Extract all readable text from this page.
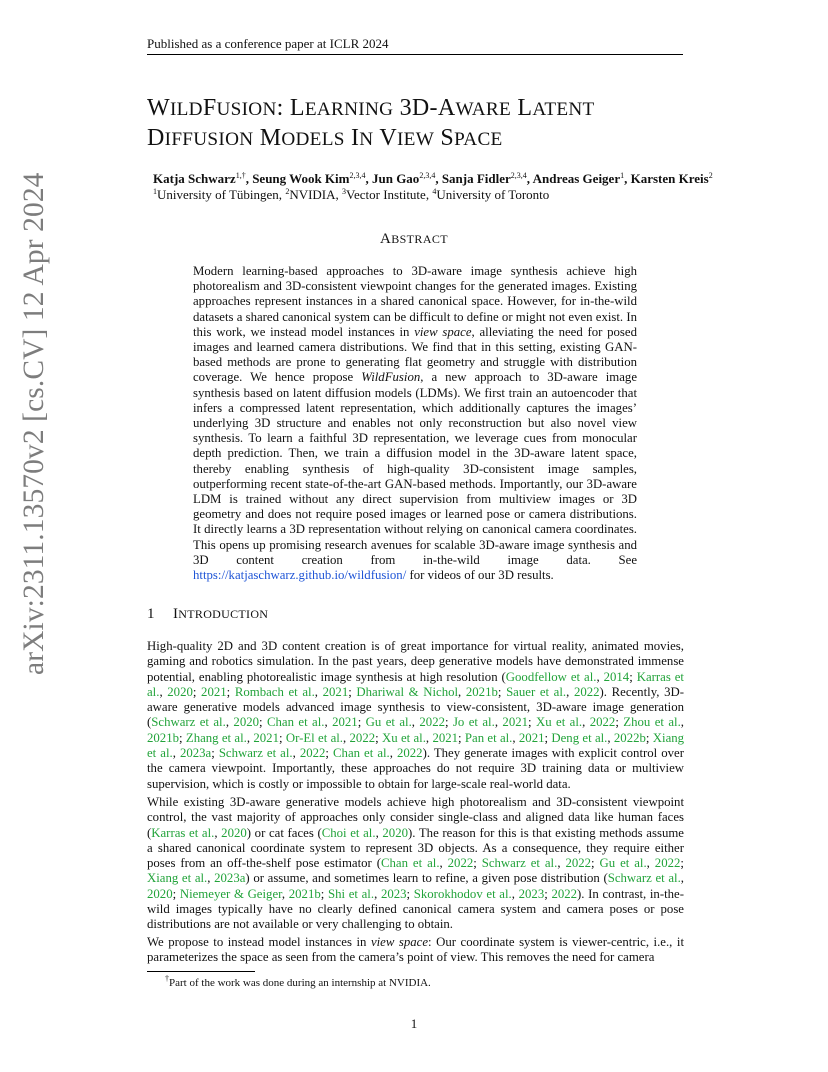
Published as a conference paper at ICLR 2024
arXiv:2311.13570v2 [cs.CV] 12 Apr 2024
WILDFUSION: LEARNING 3D-AWARE LATENT
DIFFUSION MODELS IN VIEW SPACE
Katja Schwarz$^{1,\dagger}$, Seung Wook Kim$^{2,3,4}$, Jun Gao$^{2,3,4}$, Sanja Fidler$^{2,3,4}$, Andreas Geiger$^1$, Karsten Kreis$^2$
$^1$University of Tübingen, $^2$NVIDIA, $^3$Vector Institute, $^4$University of Toronto
ABSTRACT

Modern learning-based approaches to 3D-aware image synthesis achieve high photorealism and 3D-consistent viewpoint changes for the generated images. Existing approaches represent instances in a shared canonical space. However, for in-the-wild datasets a shared canonical system can be difficult to define or might not even exist. In this work, we instead model instances in view space, alleviating the need for posed images and learned camera distributions. We find that in this setting, existing GAN-based methods are prone to generating flat geometry and struggle with distribution coverage. We hence propose WildFusion, a new approach to 3D-aware image synthesis based on latent diffusion models (LDMs). We first train an autoencoder that infers a compressed latent representation, which additionally captures the images’ underlying 3D structure and enables not only reconstruction but also novel view synthesis. To learn a faithful 3D representation, we leverage cues from monocular depth prediction. Then, we train a diffusion model in the 3D-aware latent space, thereby enabling synthesis of high-quality 3D-consistent image samples, outperforming recent state-of-the-art GAN-based methods. Importantly, our 3D-aware LDM is trained without any direct supervision from multiview images or 3D geometry and does not require posed images or learned pose or camera distributions. It directly learns a 3D representation without relying on canonical camera coordinates. This opens up promising research avenues for scalable 3D-aware image synthesis and 3D content creation from in-the-wild image data. See https://katjaschwarz.github.io/wildfusion/ for videos of our 3D results.

1 INTRODUCTION

High-quality 2D and 3D content creation is of great importance for virtual reality, animated movies, gaming and robotics simulation. In the past years, deep generative models have demonstrated immense potential, enabling photorealistic image synthesis at high resolution (Goodfellow et al., 2014; Karras et al., 2020; 2021; Rombach et al., 2021; Dhariwal & Nichol, 2021b; Sauer et al., 2022). Recently, 3D-aware generative models advanced image synthesis to view-consistent, 3D-aware image generation (Schwarz et al., 2020; Chan et al., 2021; Gu et al., 2022; Jo et al., 2021; Xu et al., 2022; Zhou et al., 2021b; Zhang et al., 2021; Or-El et al., 2022; Xu et al., 2021; Pan et al., 2021; Deng et al., 2022b; Xiang et al., 2023a; Schwarz et al., 2022; Chan et al., 2022). They generate images with explicit control over the camera viewpoint. Importantly, these approaches do not require 3D training data or multiview supervision, which is costly or impossible to obtain for large-scale real-world data.

While existing 3D-aware generative models achieve high photorealism and 3D-consistent viewpoint control, the vast majority of approaches only consider single-class and aligned data like human faces (Karras et al., 2020) or cat faces (Choi et al., 2020). The reason for this is that existing methods assume a shared canonical coordinate system to represent 3D objects. As a consequence, they require either poses from an off-the-shelf pose estimator (Chan et al., 2022; Schwarz et al., 2022; Gu et al., 2022; Xiang et al., 2023a) or assume, and sometimes learn to refine, a given pose distribution (Schwarz et al., 2020; Niemeyer & Geiger, 2021b; Shi et al., 2023; Skorokhodov et al., 2023; 2022). In contrast, in-the-wild images typically have no clearly defined canonical camera system and camera poses or pose distributions are not available or very challenging to obtain.

We propose to instead model instances in view space: Our coordinate system is viewer-centric, i.e., it parameterizes the space as seen from the camera’s point of view. This removes the need for camera

†Part of the work was done during an internship at NVIDIA.
1
